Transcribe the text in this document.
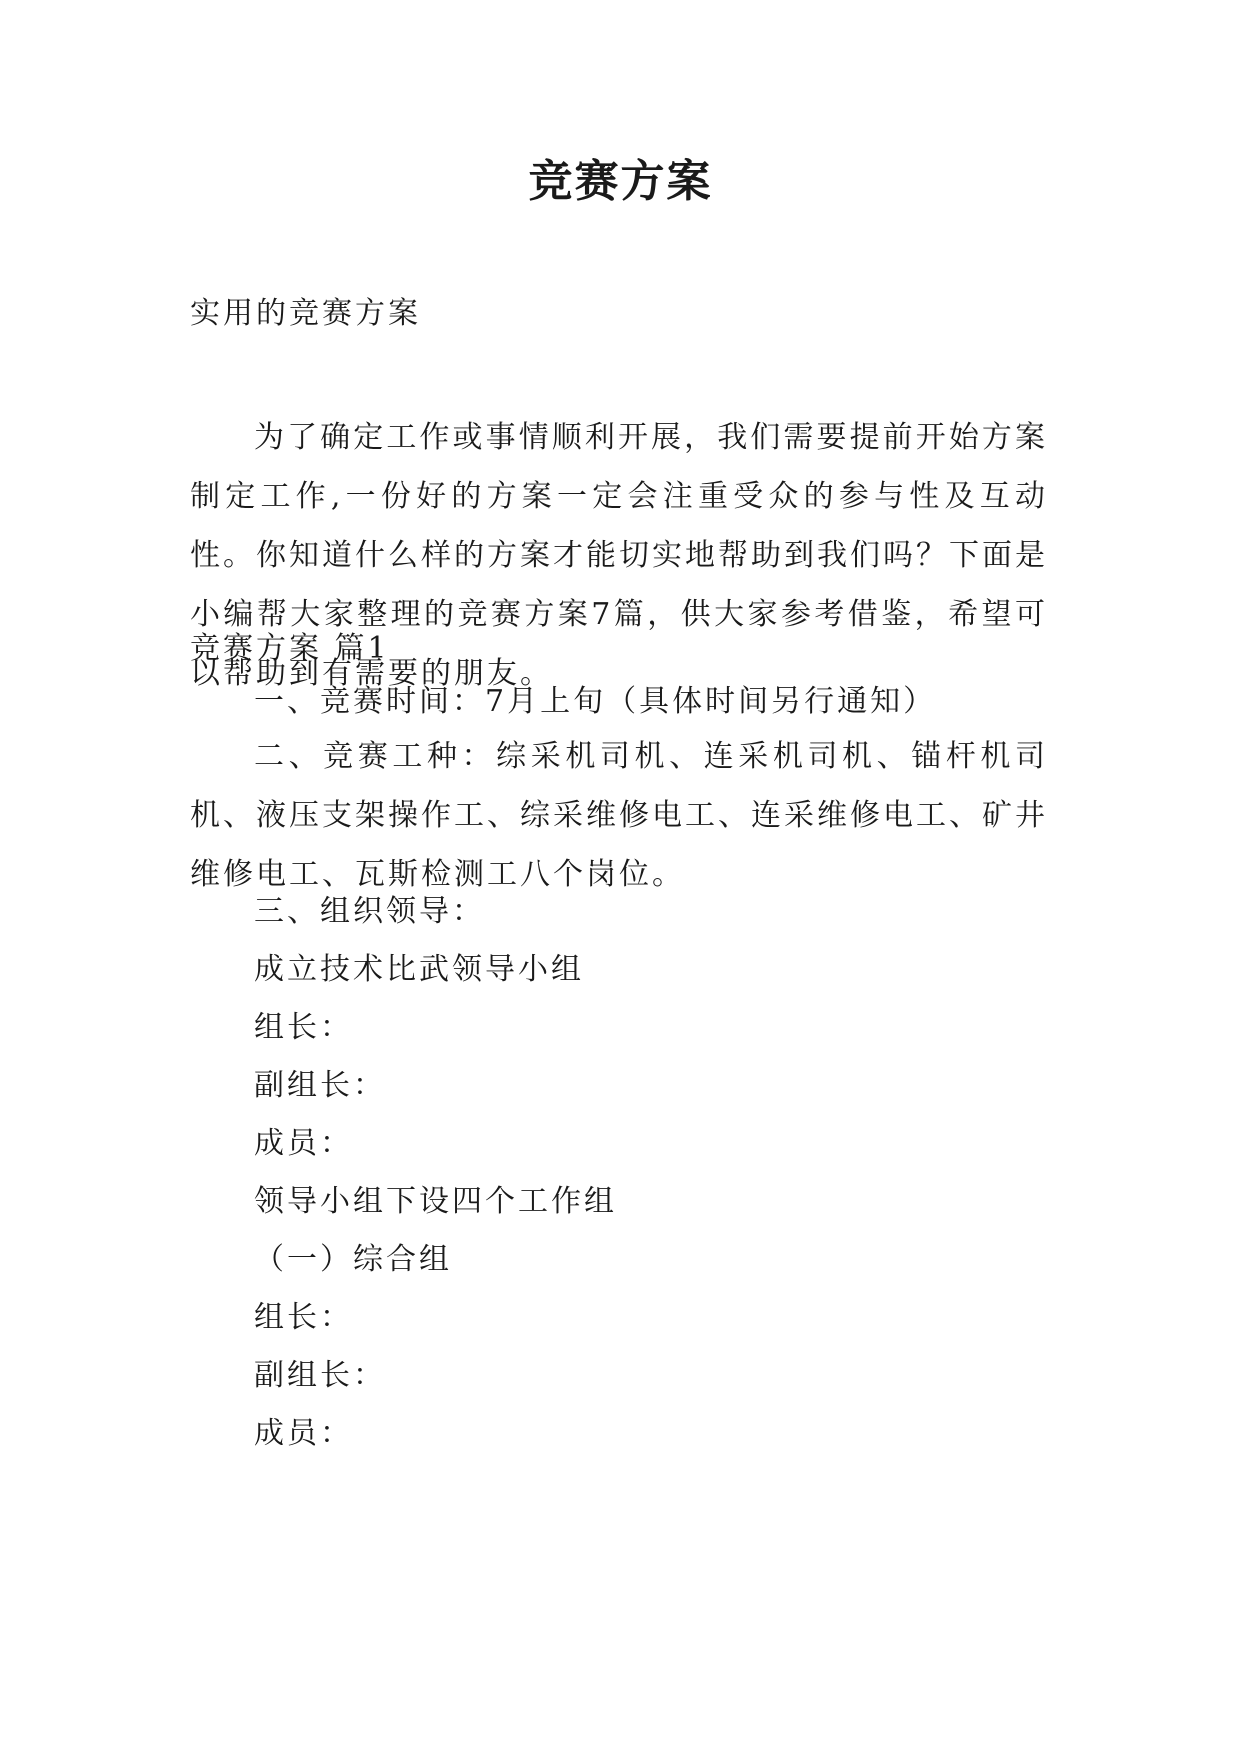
竞赛方案

实用的竞赛方案

为了确定工作或事情顺利开展，我们需要提前开始方案制定工作,一份好的方案一定会注重受众的参与性及互动性。你知道什么样的方案才能切实地帮助到我们吗？下面是小编帮大家整理的竞赛方案7篇，供大家参考借鉴，希望可以帮助到有需要的朋友。

竞赛方案 篇1

一、竞赛时间：7月上旬（具体时间另行通知）

二、竞赛工种：综采机司机、连采机司机、锚杆机司机、液压支架操作工、综采维修电工、连采维修电工、矿井维修电工、瓦斯检测工八个岗位。

三、组织领导：

成立技术比武领导小组

组长：

副组长：

成员：

领导小组下设四个工作组

（一）综合组

组长：

副组长：

成员：
